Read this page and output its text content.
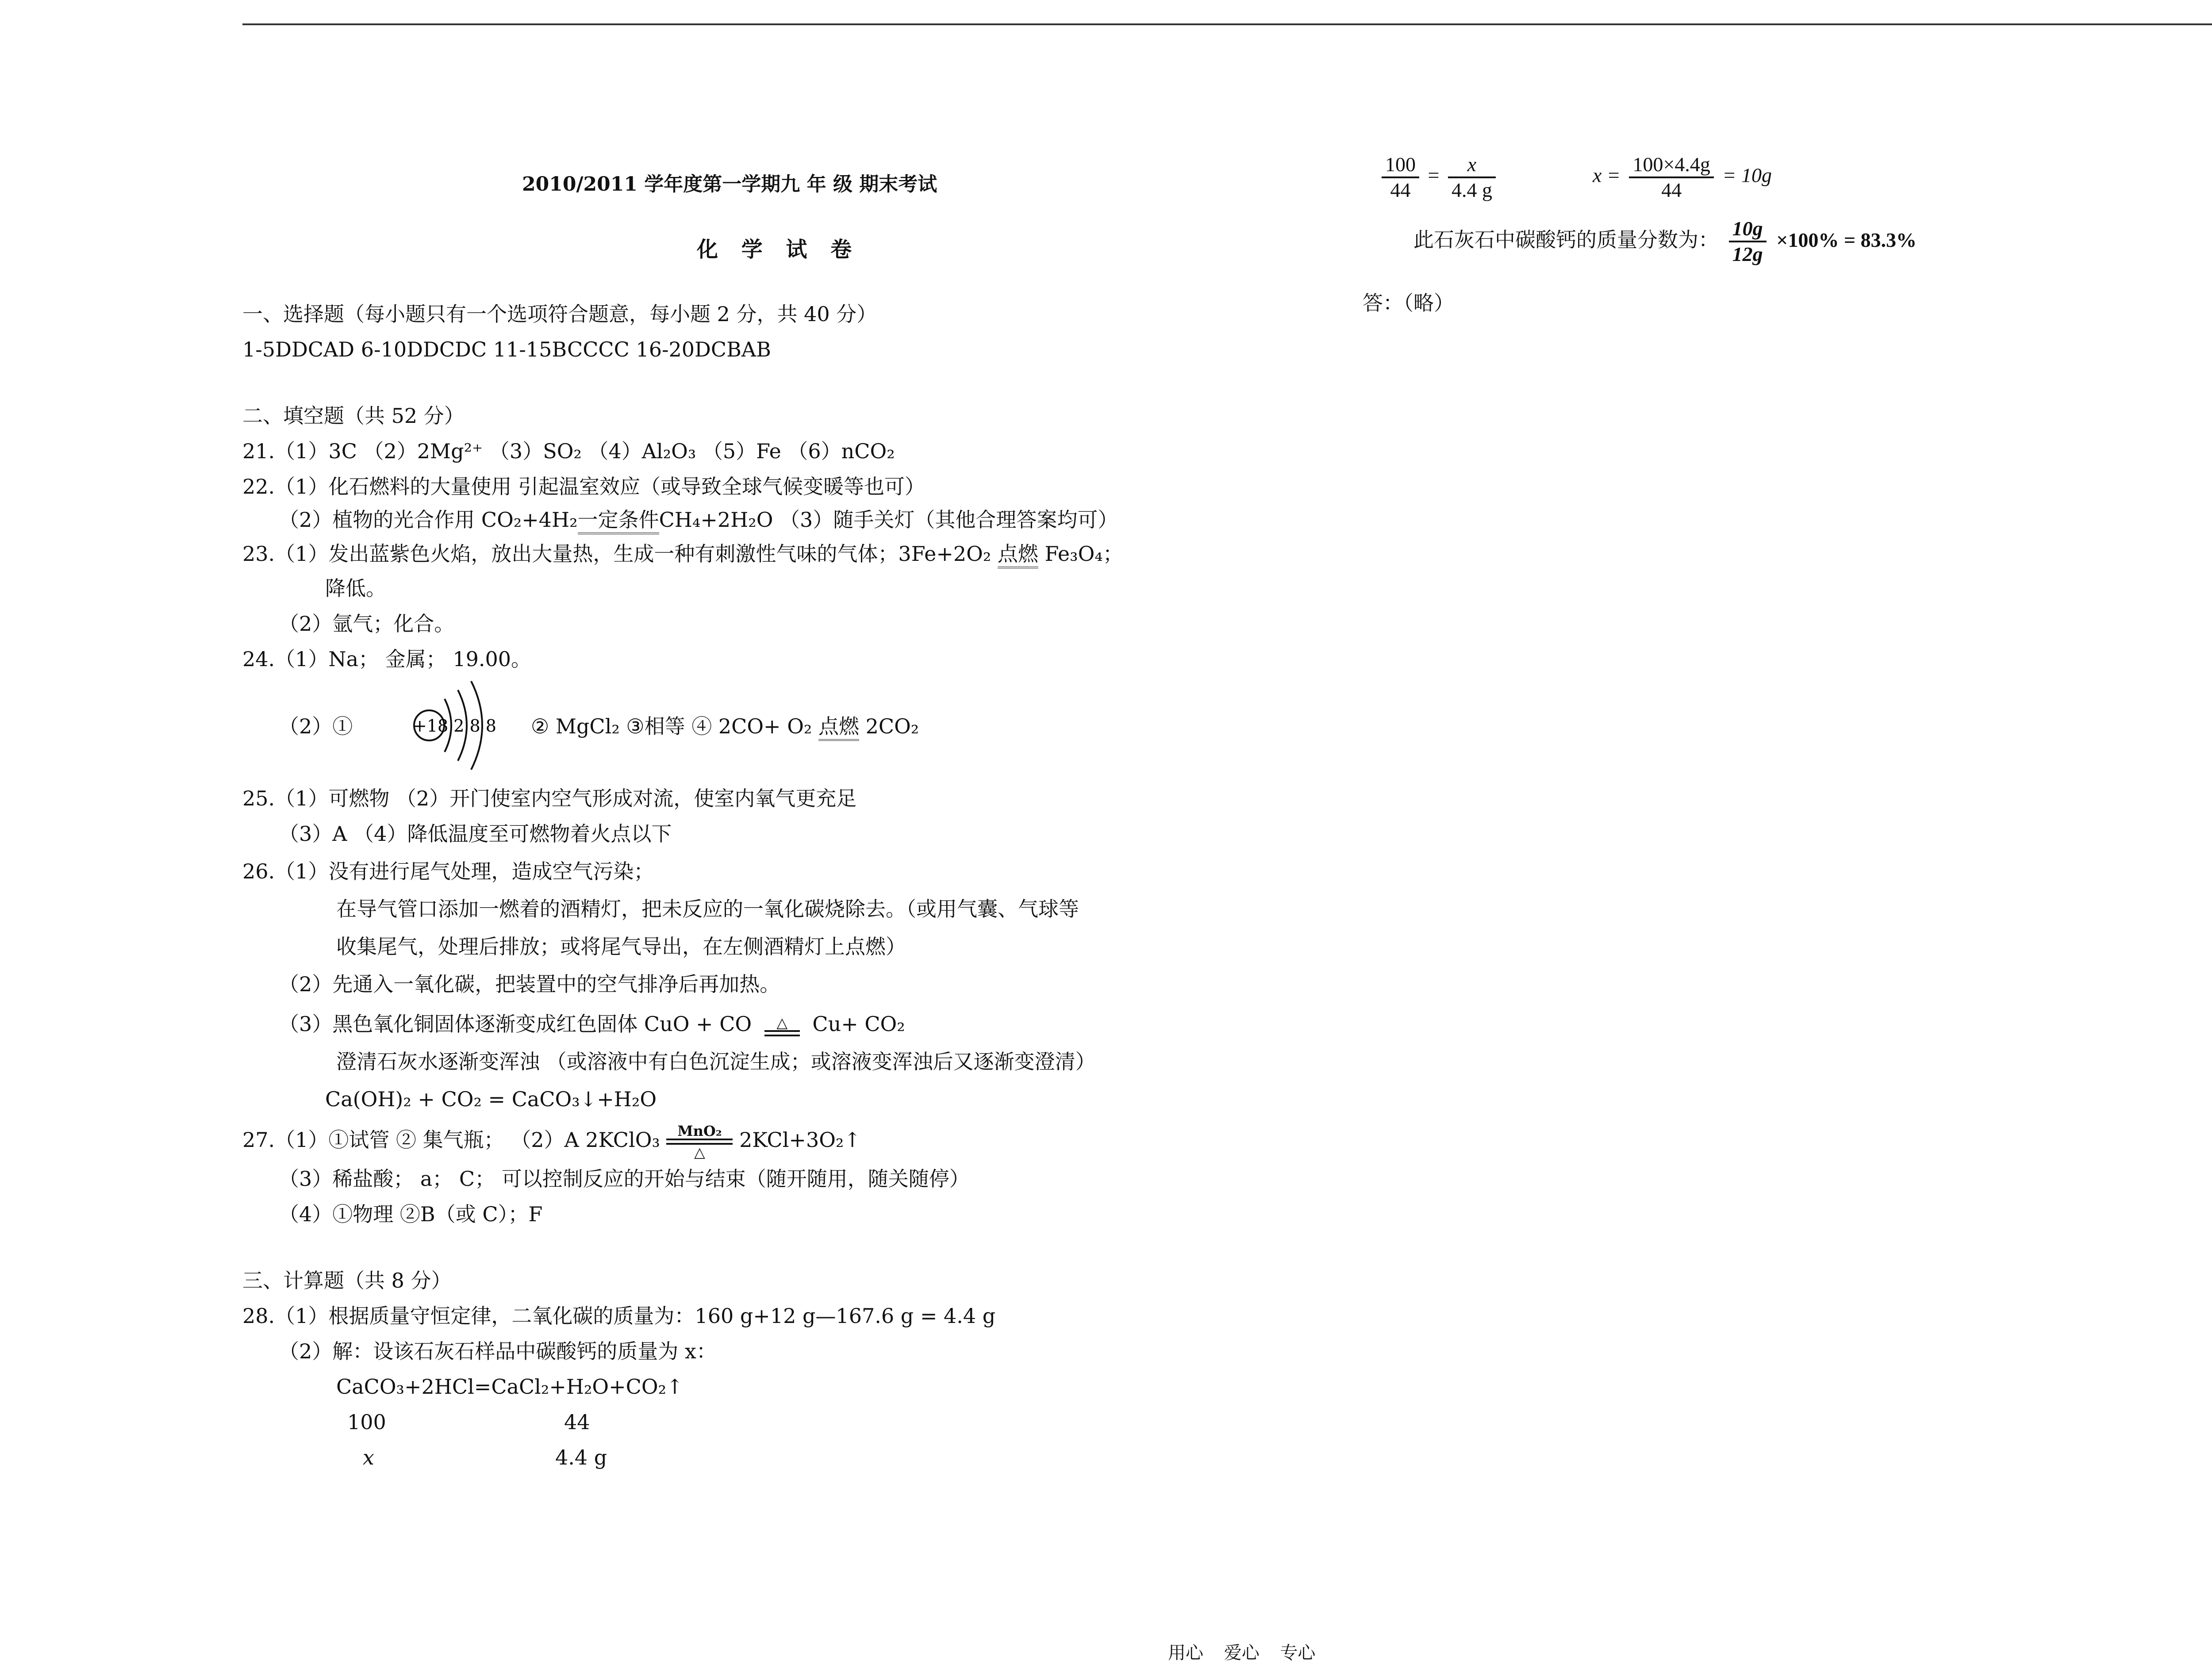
2010/2011 学年度第一学期九 年 级 期末考试
化 学 试 卷
一、选择题（每小题只有一个选项符合题意，每小题 2 分，共 40 分）
1-5DDCAD 6-10DDCDC 11-15BCCCC 16-20DCBAB
二、填空题（共 52 分）
21.（1）3C （2）2Mg²⁺ （3）SO₂ （4）Al₂O₃ （5）Fe （6）nCO₂
22.（1）化石燃料的大量使用 引起温室效应（或导致全球气候变暖等也可）
（2）植物的光合作用 CO₂+4H₂一定条件CH₄+2H₂O （3）随手关灯（其他合理答案均可）
23.（1）发出蓝紫色火焰，放出大量热，生成一种有刺激性气味的气体；3Fe+2O₂ 点燃 Fe₃O₄；
降低。
（2）氩气；化合。
24.（1）Na； 金属； 19.00。
（2）①	+18 2 8 8 ② MgCl₂ ③相等 ④ 2CO+ O₂ 点燃 2CO₂
25.（1）可燃物 （2）开门使室内空气形成对流，使室内氧气更充足
（3）A （4）降低温度至可燃物着火点以下
26.（1）没有进行尾气处理，造成空气污染；
在导气管口添加一燃着的酒精灯，把未反应的一氧化碳烧除去。（或用气囊、气球等
收集尾气，处理后排放；或将尾气导出，在左侧酒精灯上点燃）
（2）先通入一氧化碳，把装置中的空气排净后再加热。
（3）黑色氧化铜固体逐渐变成红色固体 CuO + CO	△	Cu+ CO₂
澄清石灰水逐渐变浑浊 （或溶液中有白色沉淀生成；或溶液变浑浊后又逐渐变澄清）
Ca(OH)₂ + CO₂ = CaCO₃↓+H₂O
27.（1）①试管 ② 集气瓶； （2）A 2KClO₃	MnO₂
△
2KCl+3O₂↑
（3）稀盐酸； a； C； 可以控制反应的开始与结束（随开随用，随关随停）
（4）①物理 ②B（或 C）；F
三、计算题（共 8 分）
28.（1）根据质量守恒定律，二氧化碳的质量为：160 g+12 g—167.6 g = 4.4 g
（2）解：设该石灰石样品中碳酸钙的质量为 x：
CaCO₃+2HCl=CaCl₂+H₂O+CO₂↑
100	44
x	4.4 g
$\frac{100}{44} = \frac{x}{4.4 g}$	$x = \frac{100\times 4.4g}{44} = 10g$
此石灰石中碳酸钙的质量分数为： $\frac{10g}{12g} \times 100\% = 83.3\%$
答：（略）
用心 爱心 专心
